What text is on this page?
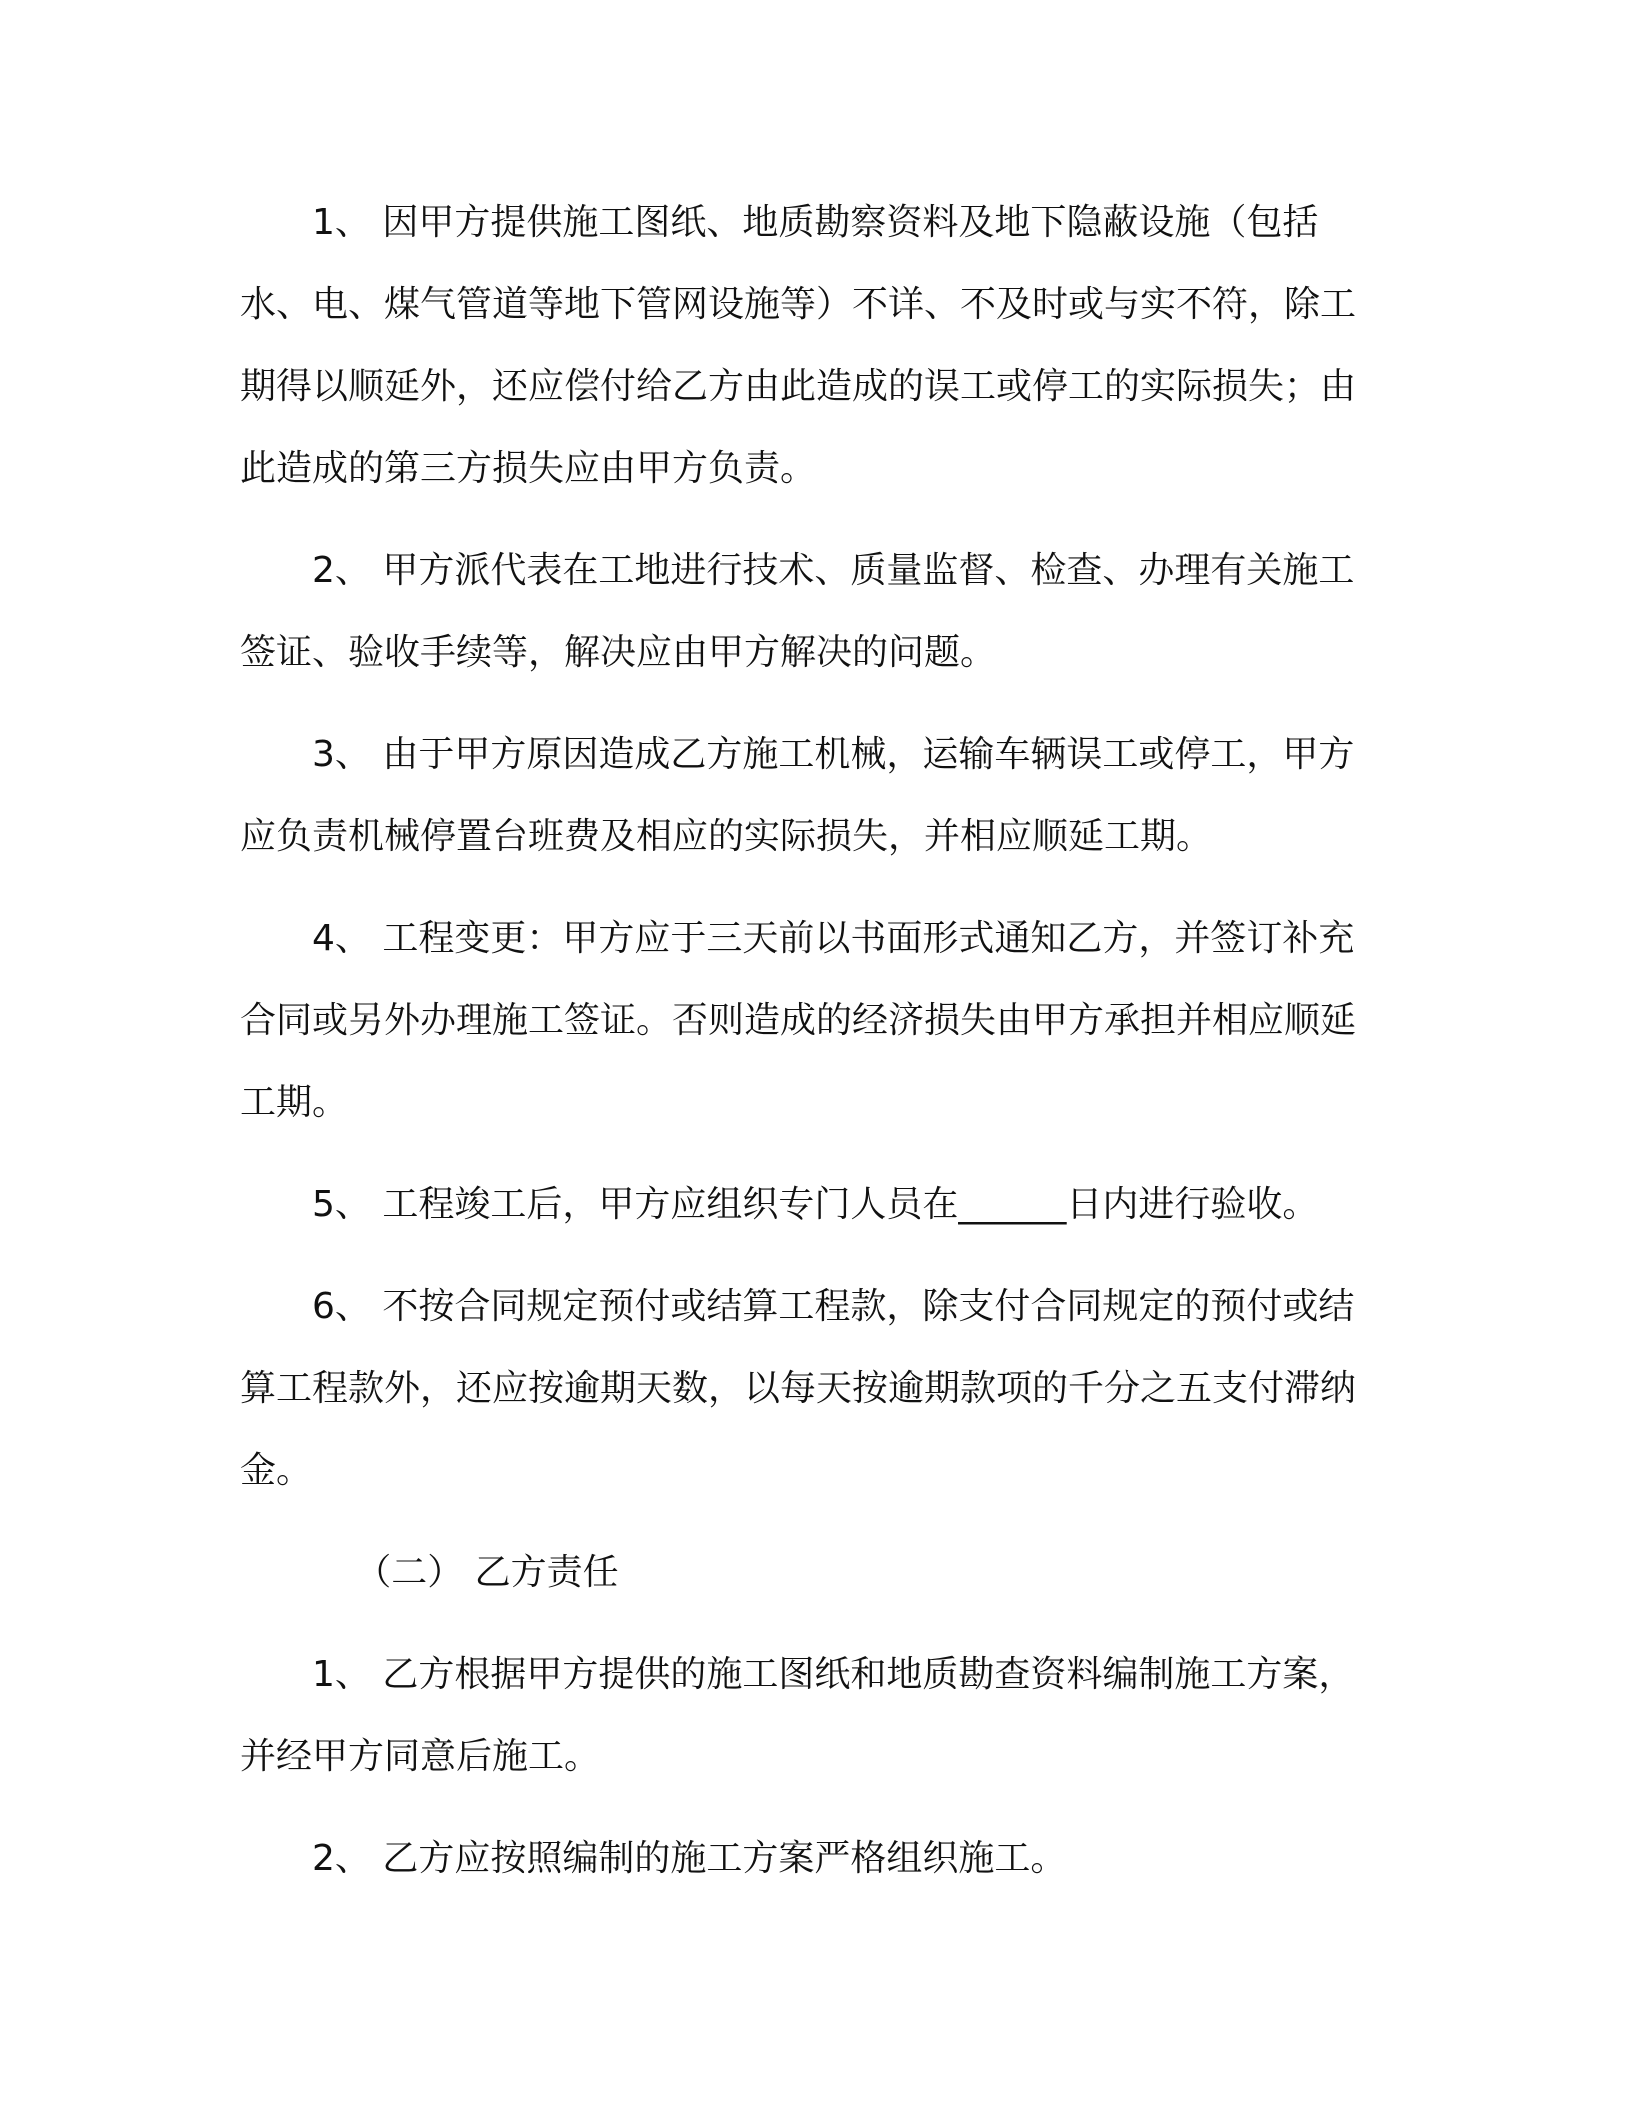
1、 因甲方提供施工图纸、地质勘察资料及地下隐蔽设施（包括水、电、煤气管道等地下管网设施等）不详、不及时或与实不符，除工期得以顺延外，还应偿付给乙方由此造成的误工或停工的实际损失；由此造成的第三方损失应由甲方负责。

2、 甲方派代表在工地进行技术、质量监督、检查、办理有关施工签证、验收手续等，解决应由甲方解决的问题。

3、 由于甲方原因造成乙方施工机械，运输车辆误工或停工，甲方应负责机械停置台班费及相应的实际损失，并相应顺延工期。

4、 工程变更：甲方应于三天前以书面形式通知乙方，并签订补充合同或另外办理施工签证。否则造成的经济损失由甲方承担并相应顺延工期。

5、 工程竣工后，甲方应组织专门人员在______日内进行验收。

6、 不按合同规定预付或结算工程款，除支付合同规定的预付或结算工程款外，还应按逾期天数，以每天按逾期款项的千分之五支付滞纳金。

（二） 乙方责任

1、 乙方根据甲方提供的施工图纸和地质勘查资料编制施工方案，并经甲方同意后施工。

2、 乙方应按照编制的施工方案严格组织施工。
